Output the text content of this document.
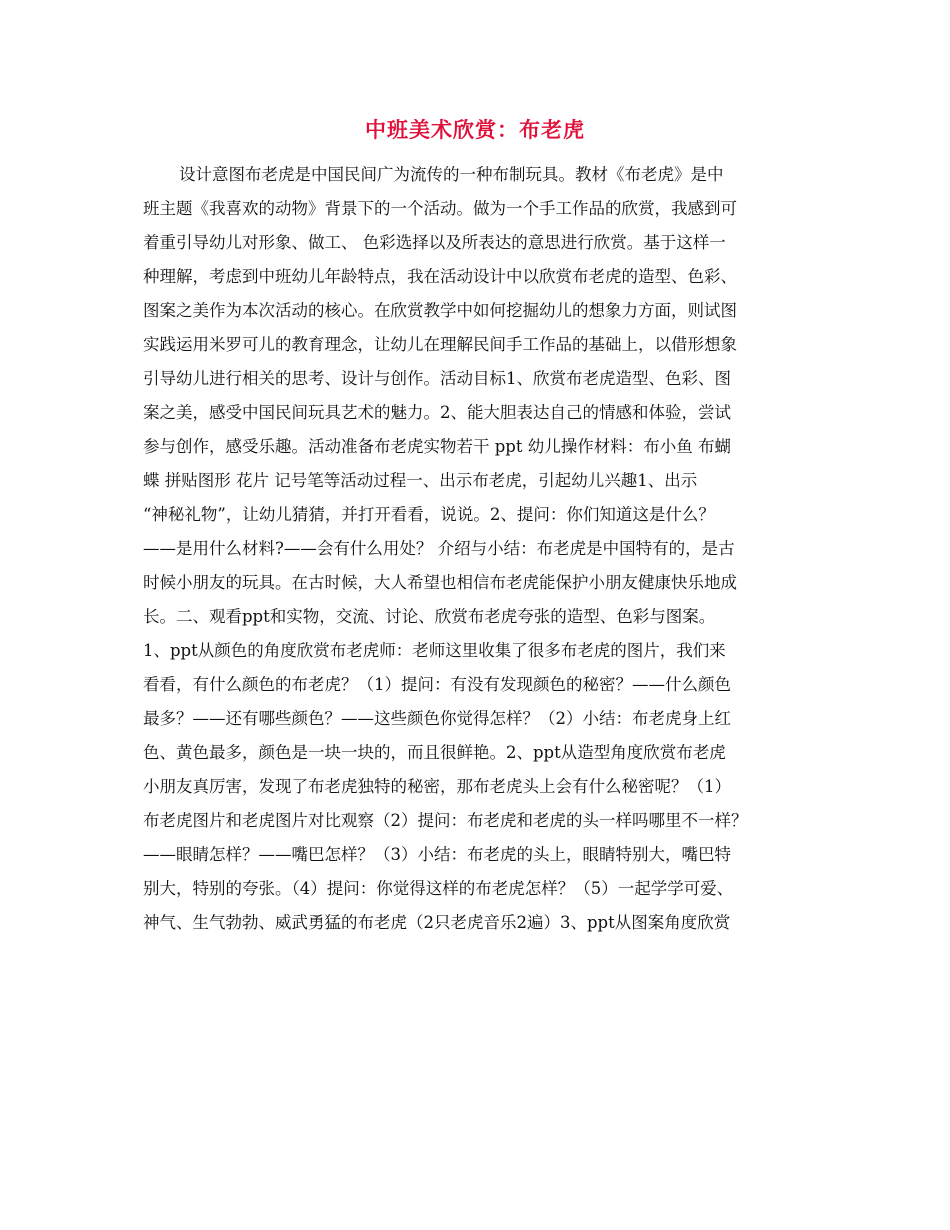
中班美术欣赏：布老虎
设计意图布老虎是中国民间广为流传的一种布制玩具。教材《布老虎》是中
班主题《我喜欢的动物》背景下的一个活动。做为一个手工作品的欣赏，我感到可
着重引导幼儿对形象、做工、 色彩选择以及所表达的意思进行欣赏。基于这样一
种理解，考虑到中班幼儿年龄特点，我在活动设计中以欣赏布老虎的造型、色彩、
图案之美作为本次活动的核心。在欣赏教学中如何挖掘幼儿的想象力方面，则试图
实践运用米罗可儿的教育理念，让幼儿在理解民间手工作品的基础上，以借形想象
引导幼儿进行相关的思考、设计与创作。活动目标1、欣赏布老虎造型、色彩、图
案之美，感受中国民间玩具艺术的魅力。2、能大胆表达自己的情感和体验，尝试
参与创作，感受乐趣。活动准备布老虎实物若干 ppt 幼儿操作材料：布小鱼 布蝴
蝶 拼贴图形 花片 记号笔等活动过程一、出示布老虎，引起幼儿兴趣1、出示
“神秘礼物”，让幼儿猜猜，并打开看看，说说。2、提问：你们知道这是什么？
——是用什么材料?——会有什么用处？ 介绍与小结：布老虎是中国特有的，是古
时候小朋友的玩具。在古时候，大人希望也相信布老虎能保护小朋友健康快乐地成
长。二、观看ppt和实物，交流、讨论、欣赏布老虎夸张的造型、色彩与图案。
1、ppt从颜色的角度欣赏布老虎师：老师这里收集了很多布老虎的图片，我们来
看看，有什么颜色的布老虎？（1）提问：有没有发现颜色的秘密？——什么颜色
最多？——还有哪些颜色？——这些颜色你觉得怎样？（2）小结：布老虎身上红
色、黄色最多，颜色是一块一块的，而且很鲜艳。2、ppt从造型角度欣赏布老虎
小朋友真厉害，发现了布老虎独特的秘密，那布老虎头上会有什么秘密呢？（1）
布老虎图片和老虎图片对比观察（2）提问：布老虎和老虎的头一样吗哪里不一样？
——眼睛怎样？——嘴巴怎样？（3）小结：布老虎的头上，眼睛特别大，嘴巴特
别大，特别的夸张。（4）提问：你觉得这样的布老虎怎样？（5）一起学学可爱、
神气、生气勃勃、威武勇猛的布老虎（2只老虎音乐2遍）3、ppt从图案角度欣赏
